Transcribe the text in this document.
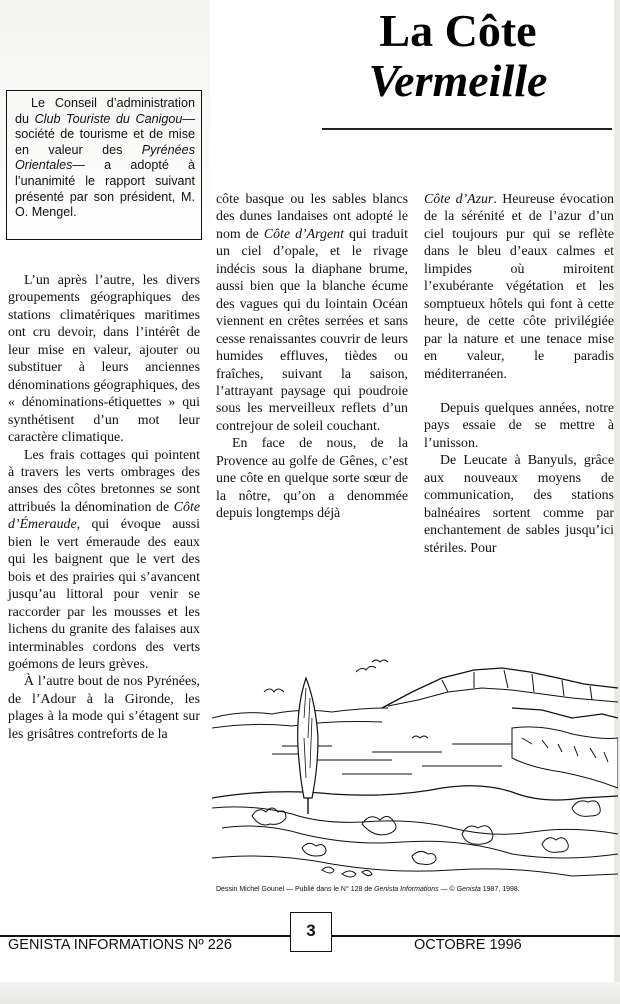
La Côte
Vermeille
Le Conseil d’administration du Club Touriste du Canigou— société de tourisme et de mise en valeur des Pyrénées Orientales— a adopté à l’unanimité le rapport suivant présenté par son président, M. O. Mengel.

L’un après l’autre, les divers groupements géographiques des stations climatériques maritimes ont cru devoir, dans l’intérêt de leur mise en valeur, ajouter ou substituer à leurs anciennes dénominations géographiques, des « dénominations-étiquettes » qui synthétisent d’un mot leur caractère climatique.

Les frais cottages qui pointent à travers les verts ombrages des anses des côtes bretonnes se sont attribués la dénomination de Côte d’Émeraude, qui évoque aussi bien le vert émeraude des eaux qui les baignent que le vert des bois et des prairies qui s’avancent jusqu’au littoral pour venir se raccorder par les mousses et les lichens du granite des falaises aux interminables cordons des verts goémons de leurs grèves.

À l’autre bout de nos Pyrénées, de l’Adour à la Gironde, les plages à la mode qui s’étagent sur les grisâtres contreforts de la

côte basque ou les sables blancs des dunes landaises ont adopté le nom de Côte d’Argent qui traduit un ciel d’opale, et le rivage indécis sous la diaphane brume, aussi bien que la blanche écume des vagues qui du lointain Océan viennent en crêtes serrées et sans cesse renaissantes couvrir de leurs humides effluves, tièdes ou fraîches, suivant la saison, l’attrayant paysage qui poudroie sous les merveilleux reflets d’un contrejour de soleil couchant.

En face de nous, de la Provence au golfe de Gênes, c’est une côte en quelque sorte sœur de la nôtre, qu’on a denommée depuis longtemps déjà

Côte d’Azur. Heureuse évocation de la sérénité et de l’azur d’un ciel toujours pur qui se reflète dans le bleu d’eaux calmes et limpides où miroitent l’exubérante végétation et les somptueux hôtels qui font à cette heure, de cette côte privilégiée par la nature et une tenace mise en valeur, le paradis méditerranéen.

Depuis quelques années, notre pays essaie de se mettre à l’unisson.

De Leucate à Banyuls, grâce aux nouveaux moyens de communication, des stations balnéaires sortent comme par enchantement de sables jusqu’ici stériles. Pour

Dessin Michel Gounel — Publié dans le N° 128 de Genista Informations — © Genista 1987, 1998.
GENISTA INFORMATIONS Nº 226
3
OCTOBRE 1996
